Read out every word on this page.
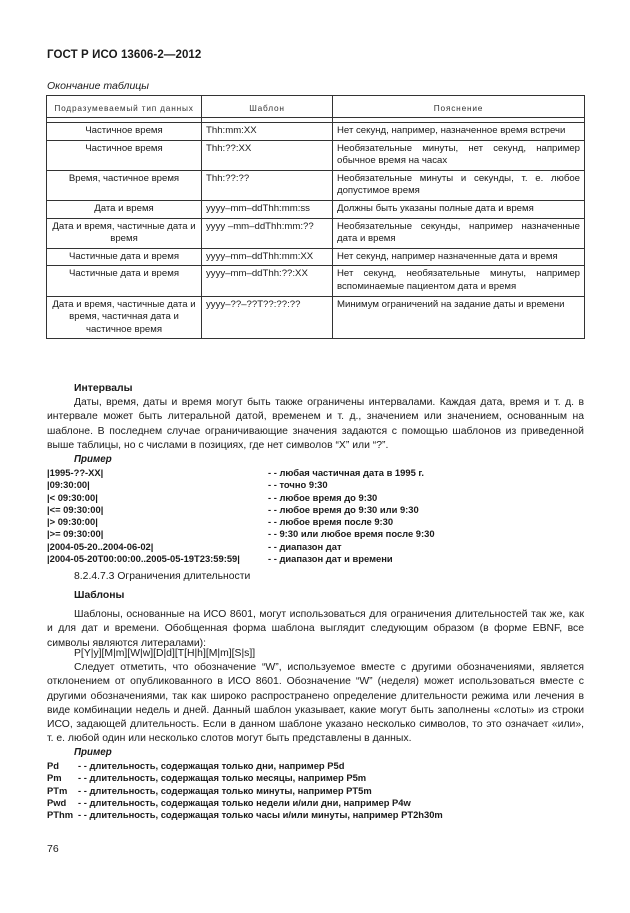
ГОСТ Р ИСО 13606-2—2012
Окончание таблицы
Подразумеваемый тип данных	Шаблон	Пояснение

Частичное время	Thh:mm:XX	Нет секунд, например, назначенное время встречи
Частичное время	Thh:??:XX	Необязательные минуты, нет секунд, например обычное время на часах
Время, частичное время	Thh:??:??	Необязательные минуты и секунды, т. е. любое допустимое время
Дата и время	yyyy–mm–ddThh:mm:ss	Должны быть указаны полные дата и время
Дата и время, частичные дата и время	yyyy –mm–ddThh:mm:??	Необязательные секунды, например назначенные дата и время
Частичные дата и время	yyyy–mm–ddThh:mm:XX	Нет секунд, например назначенные дата и время
Частичные дата и время	yyyy–mm–ddThh:??:XX	Нет секунд, необязательные минуты, например вспоминаемые пациентом дата и время
Дата и время, частичные дата и время, частичная дата и частичное время	yyyy–??–??T??:??:??	Минимум ограничений на задание даты и времени
Интервалы
Даты, время, даты и время могут быть также ограничены интервалами. Каждая дата, время и т. д. в интервале может быть литеральной датой, временем и т. д., значением или значением, основанным на шаблоне. В последнем случае ограничивающие значения задаются с помощью шаблонов из приведенной выше таблицы, но с числами в позициях, где нет символов “X” или “?”.
Пример
|1995-??-XX|	- - любая частичная дата в 1995 г.
|09:30:00|	- - точно 9:30
|< 09:30:00|	- - любое время до 9:30
|<= 09:30:00|	- - любое время до 9:30 или 9:30
|> 09:30:00|	- - любое время после 9:30
|>= 09:30:00|	- - 9:30 или любое время после 9:30
|2004-05-20..2004-06-02|	- - диапазон дат
|2004-05-20T00:00:00..2005-05-19T23:59:59|	- - диапазон дат и времени
8.2.4.7.3 Ограничения длительности
Шаблоны
Шаблоны, основанные на ИСО 8601, могут использоваться для ограничения длительностей так же, как и для дат и времени. Обобщенная форма шаблона выглядит следующим образом (в форме EBNF, все символы являются литералами):
P[Y|y][M|m][W|w][D|d][T[H|h][M|m][S|s]]
Следует отметить, что обозначение “W”, используемое вместе с другими обозначениями, является отклонением от опубликованного в ИСО 8601. Обозначение “W” (неделя) может использоваться вместе с другими обозначениями, так как широко распространено определение длительности режима или лечения в виде комбинации недель и дней. Данный шаблон указывает, какие могут быть заполнены «слоты» из строки ИСО, задающей длительность. Если в данном шаблоне указано несколько символов, то это означает «или», т. е. любой один или несколько слотов могут быть представлены в данных.
Пример
Pd	- - длительность, содержащая только дни, например P5d
Pm	- - длительность, содержащая только месяцы, например P5m
PTm	- - длительность, содержащая только минуты, например PT5m
Pwd	- - длительность, содержащая только недели и/или дни, например P4w
PThm - - длительность, содержащая только часы и/или минуты, например PT2h30m
76
